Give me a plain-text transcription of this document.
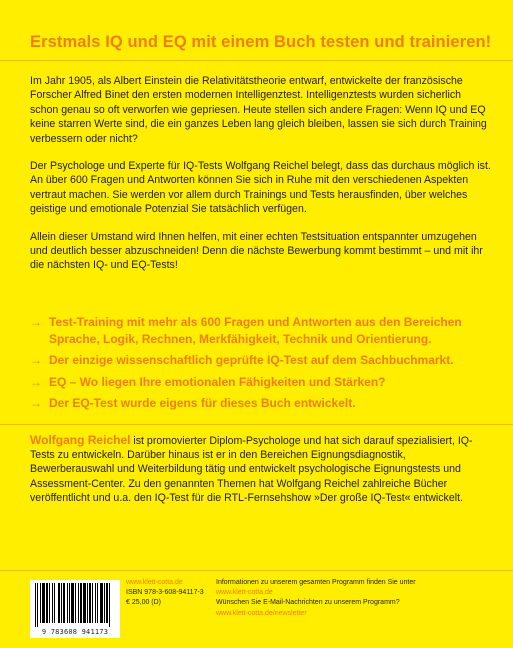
Erstmals IQ und EQ mit einem Buch testen und trainieren!

Im Jahr 1905, als Albert Einstein die Relativitätstheorie entwarf, entwickelte der französische Forscher Alfred Binet den ersten modernen Intelligenztest. Intelligenztests wurden sicherlich schon genau so oft verworfen wie gepriesen. Heute stellen sich andere Fragen: Wenn IQ und EQ keine starren Werte sind, die ein ganzes Leben lang gleich bleiben, lassen sie sich durch Training verbessern oder nicht?

Der Psychologe und Experte für IQ-Tests Wolfgang Reichel belegt, dass das durchaus möglich ist. An über 600 Fragen und Antworten können Sie sich in Ruhe mit den verschiedenen Aspekten vertraut machen. Sie werden vor allem durch Trainings und Tests herausfinden, über welches geistige und emotionale Potenzial Sie tatsächlich verfügen.

Allein dieser Umstand wird Ihnen helfen, mit einer echten Testsituation entspannter umzugehen und deutlich besser abzuschneiden! Denn die nächste Bewerbung kommt bestimmt – und mit ihr die nächsten IQ- und EQ-Tests!

→ Test-Training mit mehr als 600 Fragen und Antworten aus den Bereichen Sprache, Logik, Rechnen, Merkfähigkeit, Technik und Orientierung.
→ Der einzige wissenschaftlich geprüfte IQ-Test auf dem Sachbuchmarkt.
→ EQ – Wo liegen Ihre emotionalen Fähigkeiten und Stärken?
→ Der EQ-Test wurde eigens für dieses Buch entwickelt.

Wolfgang Reichel ist promovierter Diplom-Psychologe und hat sich darauf spezialisiert, IQ-Tests zu entwickeln. Darüber hinaus ist er in den Bereichen Eignungsdiagnostik, Bewerberauswahl und Weiterbildung tätig und entwickelt psychologische Eignungstests und Assessment-Center. Zu den genannten Themen hat Wolfgang Reichel zahlreiche Bücher veröffentlicht und u.a. den IQ-Test für die RTL-Fernsehshow »Der große IQ-Test« entwickelt.

9 783608 941173
www.klett-cotta.de
ISBN 978-3-608-94117-3
€ 25,00 (D)
Informationen zu unserem gesamten Programm finden Sie unter
www.klett-cotta.de
Wünschen Sie E-Mail-Nachrichten zu unserem Programm?
www.klett-cotta.de/newsletter
